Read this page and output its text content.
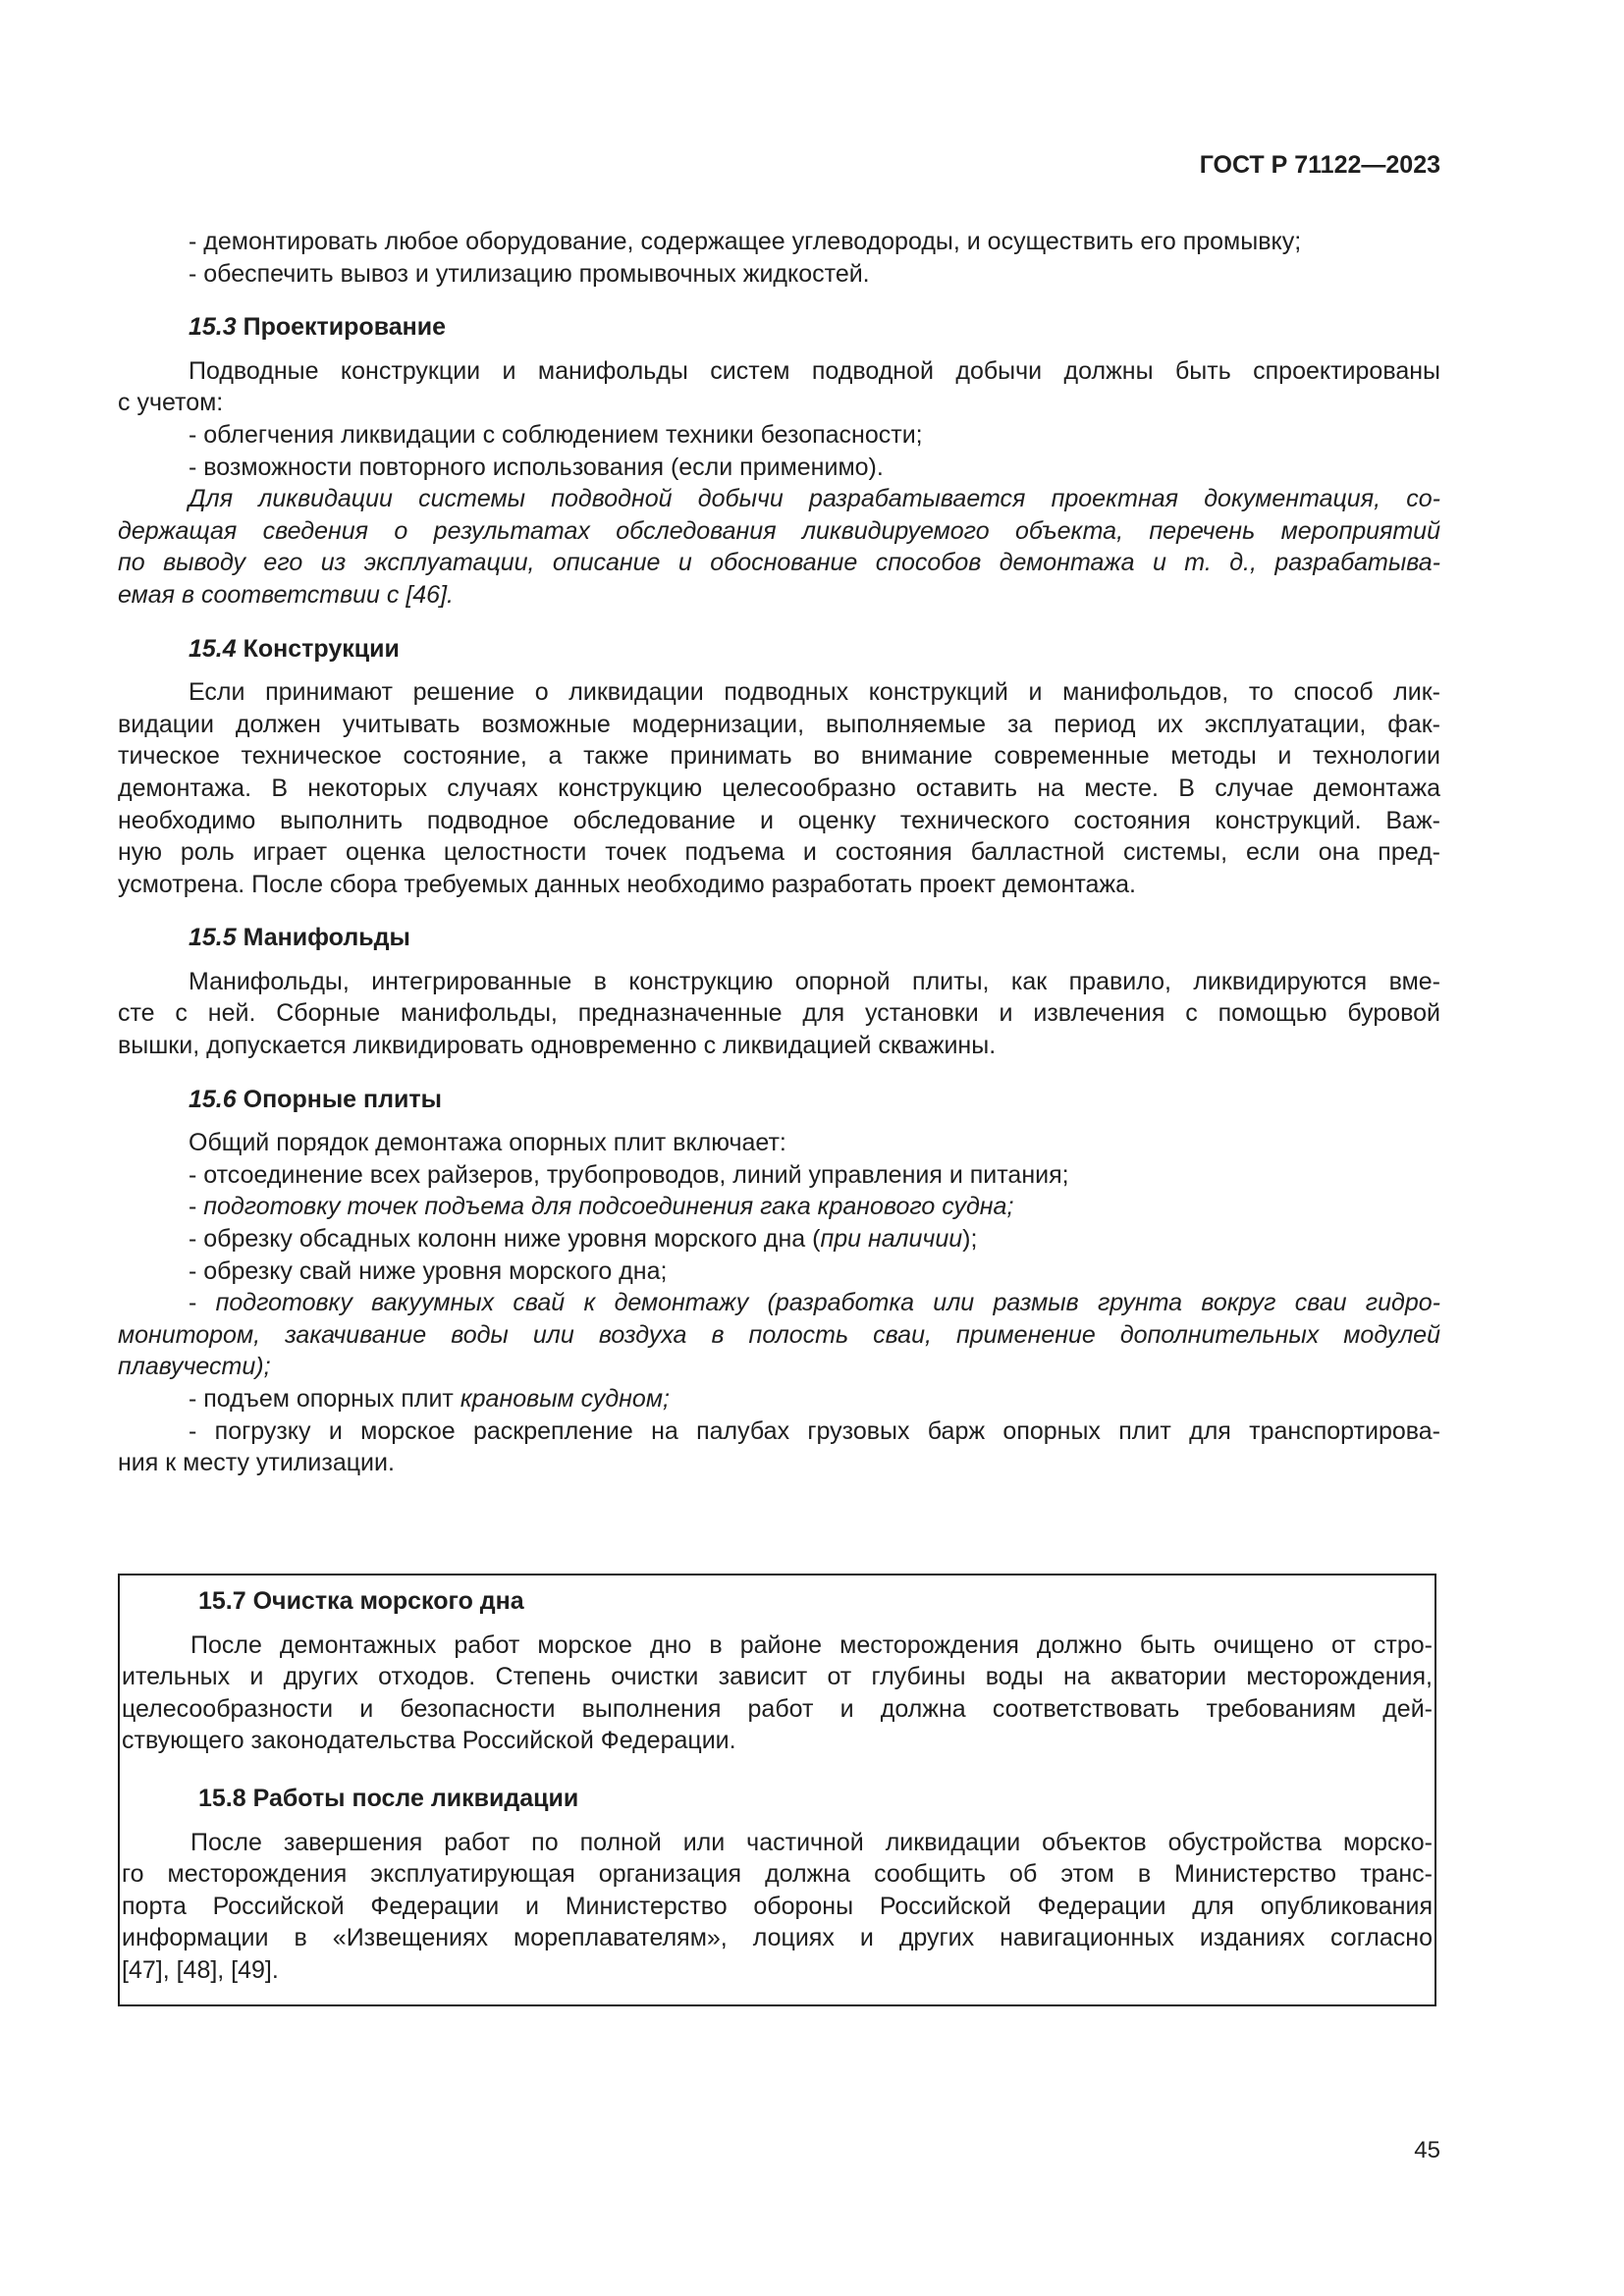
ГОСТ Р 71122—2023
- демонтировать любое оборудование, содержащее углеводороды, и осуществить его промывку;
- обеспечить вывоз и утилизацию промывочных жидкостей.
15.3 Проектирование
Подводные конструкции и манифольды систем подводной добычи должны быть спроектированы
с учетом:
- облегчения ликвидации с соблюдением техники безопасности;
- возможности повторного использования (если применимо).
Для ликвидации системы подводной добычи разрабатывается проектная документация, со-
держащая сведения о результатах обследования ликвидируемого объекта, перечень мероприятий
по выводу его из эксплуатации, описание и обоснование способов демонтажа и т. д., разрабатыва-
емая в соответствии с [46].
15.4 Конструкции
Если принимают решение о ликвидации подводных конструкций и манифольдов, то способ лик-
видации должен учитывать возможные модернизации, выполняемые за период их эксплуатации, фак-
тическое техническое состояние, а также принимать во внимание современные методы и технологии
демонтажа. В некоторых случаях конструкцию целесообразно оставить на месте. В случае демонтажа
необходимо выполнить подводное обследование и оценку технического состояния конструкций. Важ-
ную роль играет оценка целостности точек подъема и состояния балластной системы, если она пред-
усмотрена. После сбора требуемых данных необходимо разработать проект демонтажа.
15.5 Манифольды
Манифольды, интегрированные в конструкцию опорной плиты, как правило, ликвидируются вме-
сте с ней. Сборные манифольды, предназначенные для установки и извлечения с помощью буровой
вышки, допускается ликвидировать одновременно с ликвидацией скважины.
15.6 Опорные плиты
Общий порядок демонтажа опорных плит включает:
- отсоединение всех райзеров, трубопроводов, линий управления и питания;
- подготовку точек подъема для подсоединения гака кранового судна;
- обрезку обсадных колонн ниже уровня морского дна (при наличии);
- обрезку свай ниже уровня морского дна;
- подготовку вакуумных свай к демонтажу (разработка или размыв грунта вокруг сваи гидро-
монитором, закачивание воды или воздуха в полость сваи, применение дополнительных модулей
плавучести);
- подъем опорных плит крановым судном;
- погрузку и морское раскрепление на палубах грузовых барж опорных плит для транспортирова-
ния к месту утилизации.
15.7 Очистка морского дна
После демонтажных работ морское дно в районе месторождения должно быть очищено от стро-
ительных и других отходов. Степень очистки зависит от глубины воды на акватории месторождения,
целесообразности и безопасности выполнения работ и должна соответствовать требованиям дей-
ствующего законодательства Российской Федерации.
15.8 Работы после ликвидации
После завершения работ по полной или частичной ликвидации объектов обустройства морско-
го месторождения эксплуатирующая организация должна сообщить об этом в Министерство транс-
порта Российской Федерации и Министерство обороны Российской Федерации для опубликования
информации в «Извещениях мореплавателям», лоциях и других навигационных изданиях согласно
[47], [48], [49].
45
